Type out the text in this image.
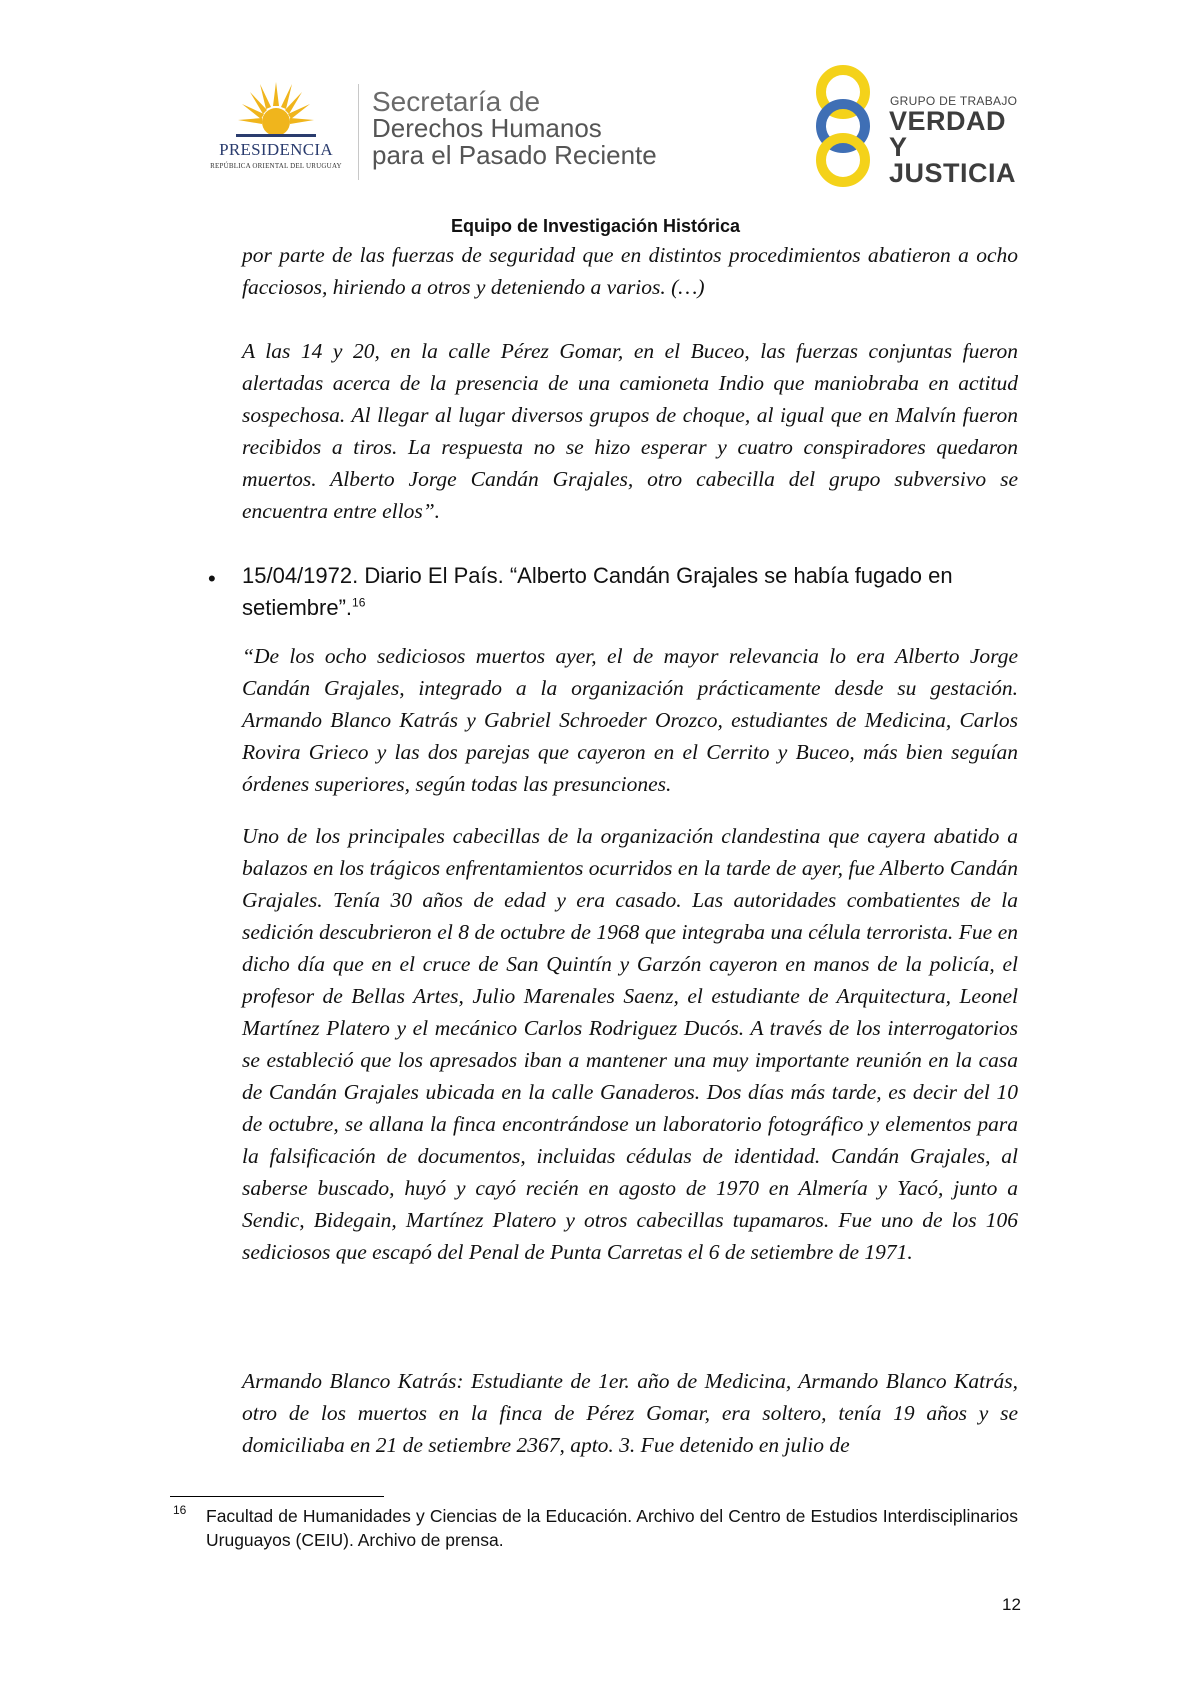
PRESIDENCIA
REPÚBLICA ORIENTAL DEL URUGUAY
Secretaría de
Derechos Humanos
para el Pasado Reciente
GRUPO DE TRABAJO
VERDAD Y
JUSTICIA
Equipo de Investigación Histórica

por parte de las fuerzas de seguridad que en distintos procedimientos abatieron a ocho facciosos, hiriendo a otros y deteniendo a varios. (…)

A las 14 y 20, en la calle Pérez Gomar, en el Buceo, las fuerzas conjuntas fueron alertadas acerca de la presencia de una camioneta Indio que maniobraba en actitud sospechosa. Al llegar al lugar diversos grupos de choque, al igual que en Malvín fueron recibidos a tiros. La respuesta no se hizo esperar y cuatro conspiradores quedaron muertos. Alberto Jorge Candán Grajales, otro cabecilla del grupo subversivo se encuentra entre ellos”.

• 15/04/1972. Diario El País. “Alberto Candán Grajales se había fugado en setiembre”.$^{16}$

“De los ocho sediciosos muertos ayer, el de mayor relevancia lo era Alberto Jorge Candán Grajales, integrado a la organización prácticamente desde su gestación. Armando Blanco Katrás y Gabriel Schroeder Orozco, estudiantes de Medicina, Carlos Rovira Grieco y las dos parejas que cayeron en el Cerrito y Buceo, más bien seguían órdenes superiores, según todas las presunciones.

Uno de los principales cabecillas de la organización clandestina que cayera abatido a balazos en los trágicos enfrentamientos ocurridos en la tarde de ayer, fue Alberto Candán Grajales. Tenía 30 años de edad y era casado. Las autoridades combatientes de la sedición descubrieron el 8 de octubre de 1968 que integraba una célula terrorista. Fue en dicho día que en el cruce de San Quintín y Garzón cayeron en manos de la policía, el profesor de Bellas Artes, Julio Marenales Saenz, el estudiante de Arquitectura, Leonel Martínez Platero y el mecánico Carlos Rodriguez Ducós. A través de los interrogatorios se estableció que los apresados iban a mantener una muy importante reunión en la casa de Candán Grajales ubicada en la calle Ganaderos. Dos días más tarde, es decir del 10 de octubre, se allana la finca encontrándose un laboratorio fotográfico y elementos para la falsificación de documentos, incluidas cédulas de identidad. Candán Grajales, al saberse buscado, huyó y cayó recién en agosto de 1970 en Almería y Yacó, junto a Sendic, Bidegain, Martínez Platero y otros cabecillas tupamaros. Fue uno de los 106 sediciosos que escapó del Penal de Punta Carretas el 6 de setiembre de 1971.

Armando Blanco Katrás: Estudiante de 1er. año de Medicina, Armando Blanco Katrás, otro de los muertos en la finca de Pérez Gomar, era soltero, tenía 19 años y se domiciliaba en 21 de setiembre 2367, apto. 3. Fue detenido en julio de

16 Facultad de Humanidades y Ciencias de la Educación. Archivo del Centro de Estudios Interdisciplinarios Uruguayos (CEIU). Archivo de prensa.
12
